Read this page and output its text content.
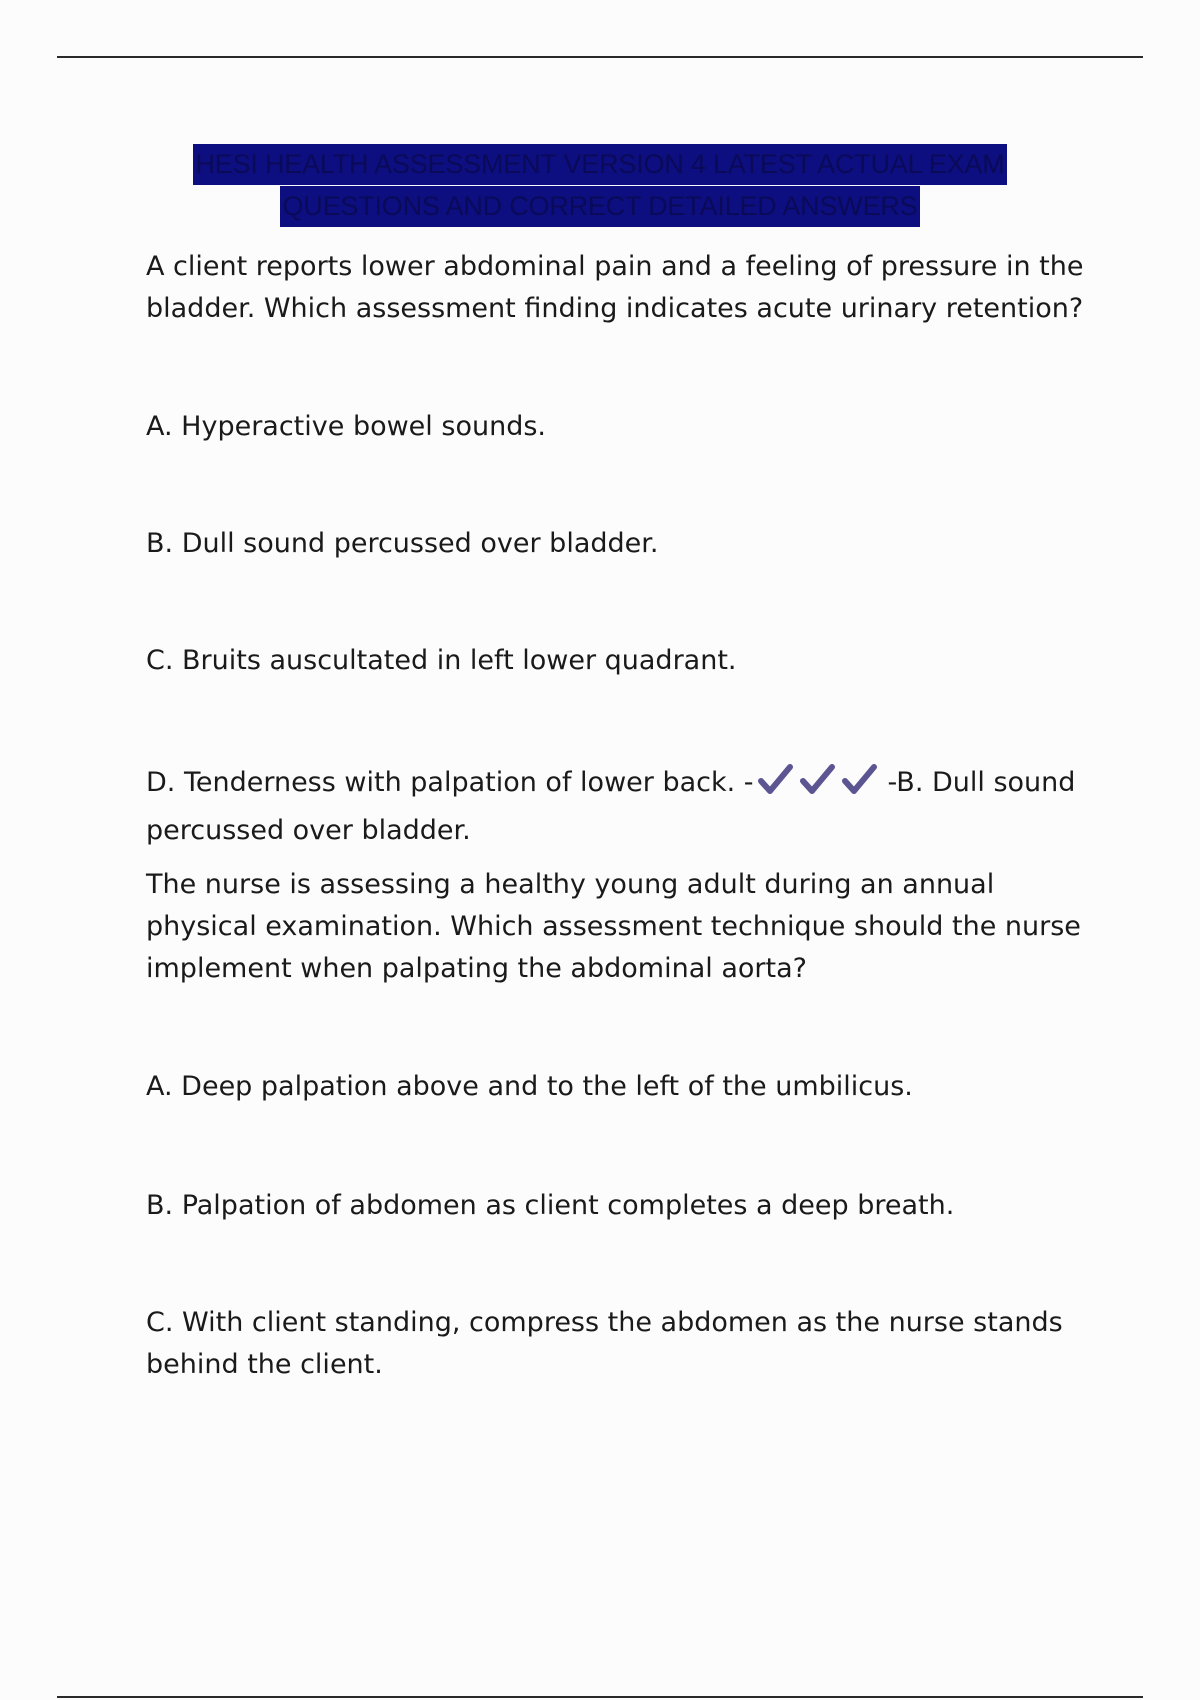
HESI HEALTH ASSESSMENT VERSION 4 LATEST ACTUAL EXAM
QUESTIONS AND CORRECT DETAILED ANSWERS

A client reports lower abdominal pain and a feeling of pressure in the bladder. Which assessment finding indicates acute urinary retention?

A. Hyperactive bowel sounds.

B. Dull sound percussed over bladder.

C. Bruits auscultated in left lower quadrant.

D. Tenderness with palpation of lower back. -	-B. Dull sound percussed over bladder.

The nurse is assessing a healthy young adult during an annual physical examination. Which assessment technique should the nurse implement when palpating the abdominal aorta?

A. Deep palpation above and to the left of the umbilicus.

B. Palpation of abdomen as client completes a deep breath.

C. With client standing, compress the abdomen as the nurse stands behind the client.
